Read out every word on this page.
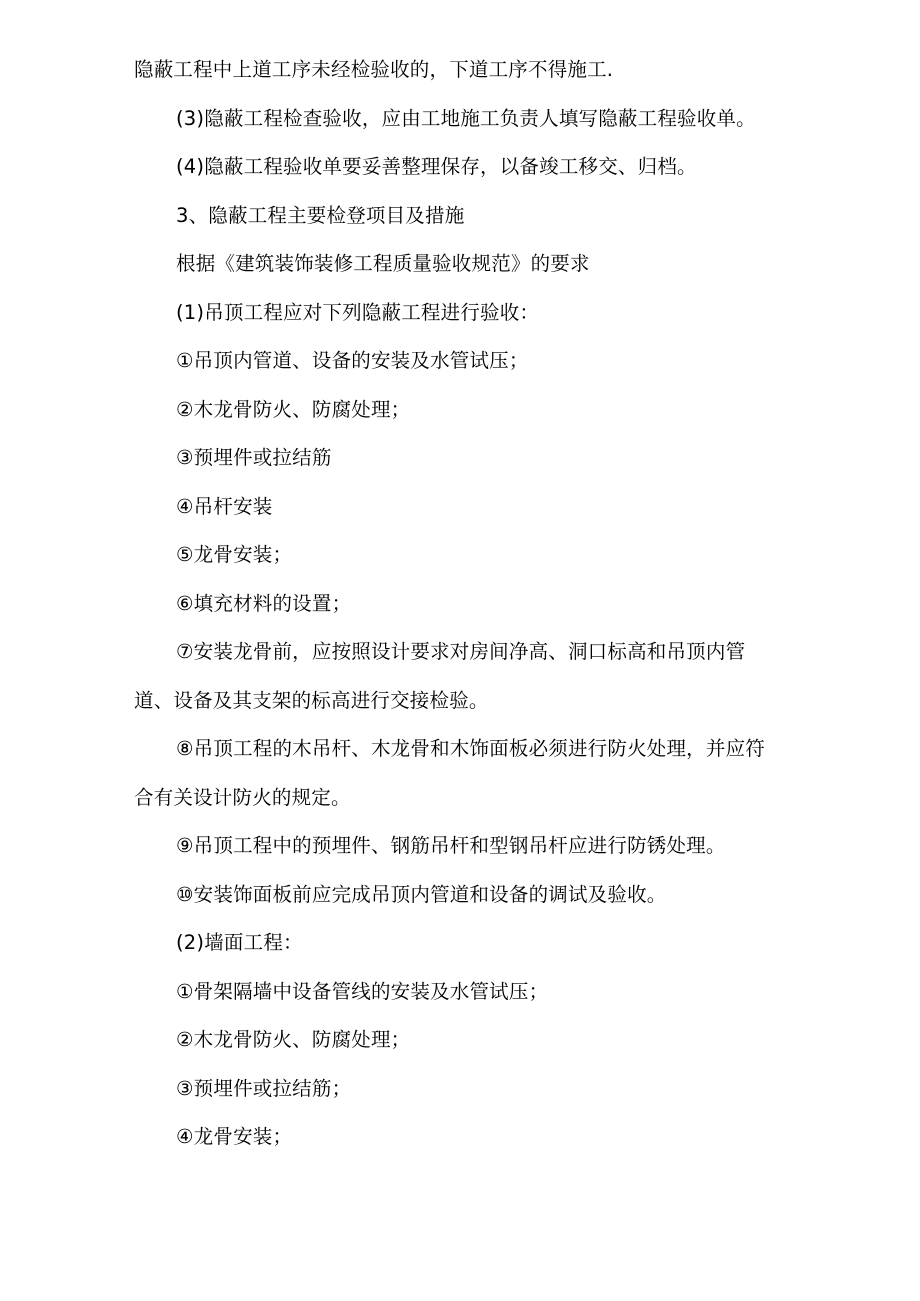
隐蔽工程中上道工序未经检验收的，下道工序不得施工.
(3)隐蔽工程检查验收，应由工地施工负责人填写隐蔽工程验收单。
(4)隐蔽工程验收单要妥善整理保存，以备竣工移交、归档。
3、隐蔽工程主要检登项目及措施
根据《建筑装饰装修工程质量验收规范》的要求
(1)吊顶工程应对下列隐蔽工程进行验收：
①吊顶内管道、设备的安装及水管试压；
②木龙骨防火、防腐处理；
③预埋件或拉结筋
④吊杆安装
⑤龙骨安装；
⑥填充材料的设置；
⑦安装龙骨前，应按照设计要求对房间净高、洞口标高和吊顶内管
道、设备及其支架的标高进行交接检验。
⑧吊顶工程的木吊杆、木龙骨和木饰面板必须进行防火处理，并应符
合有关设计防火的规定。
⑨吊顶工程中的预埋件、钢筋吊杆和型钢吊杆应进行防锈处理。
⑩安装饰面板前应完成吊顶内管道和设备的调试及验收。
(2)墙面工程：
①骨架隔墙中设备管线的安装及水管试压；
②木龙骨防火、防腐处理；
③预埋件或拉结筋；
④龙骨安装；
